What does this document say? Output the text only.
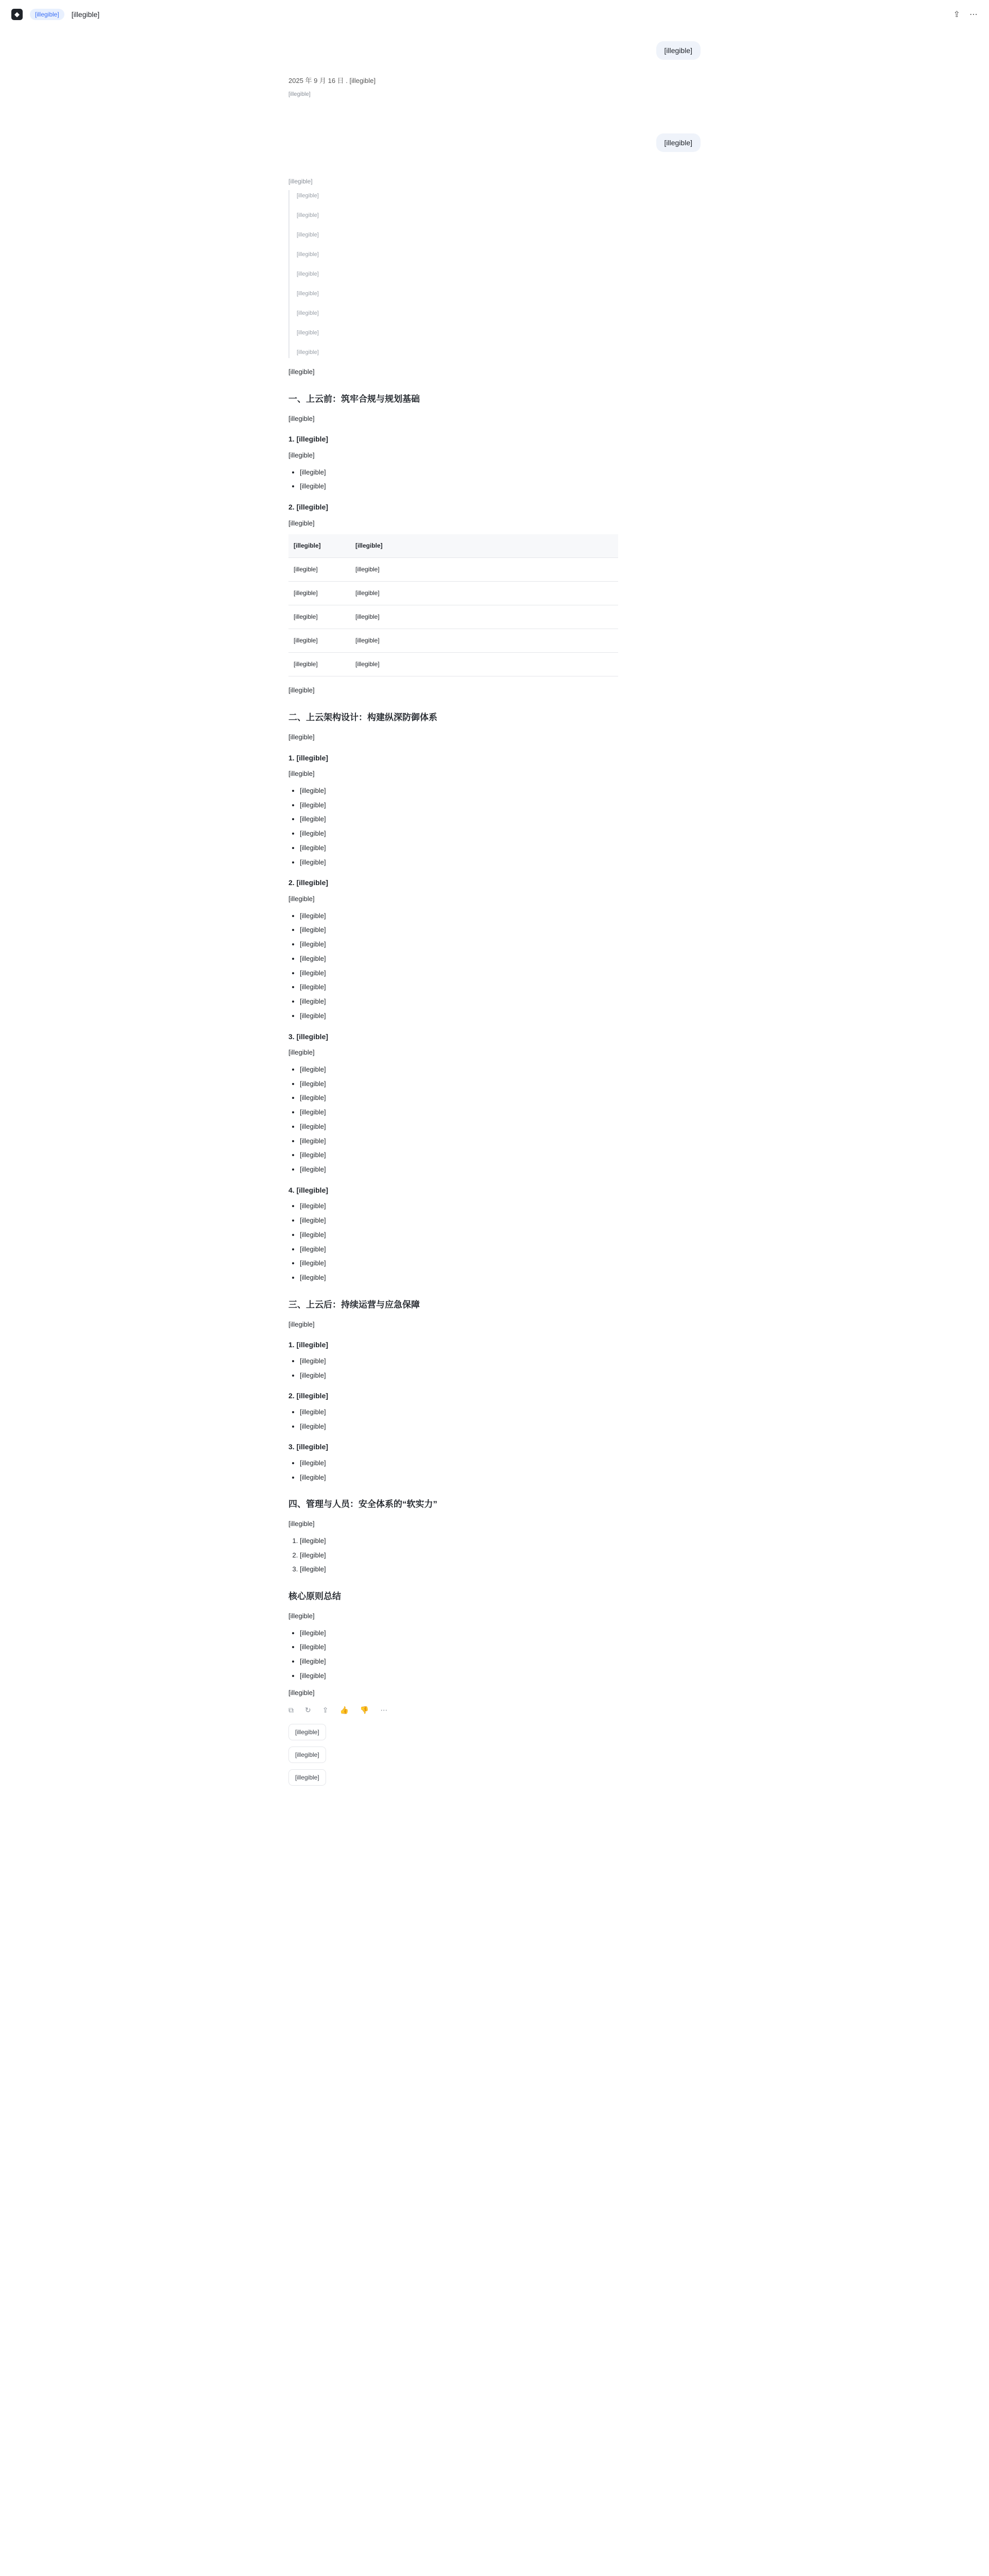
◆	[illegible]	[illegible]	⇪ ⋯
[illegible]
2025 年 9 月 16 日 . [illegible]
[illegible]
[illegible]
[illegible]
[illegible]
[illegible]
[illegible]
[illegible]
[illegible]
[illegible]
[illegible]
[illegible]
[illegible]
[illegible]
一、上云前：筑牢合规与规划基础
[illegible]
1. [illegible]
[illegible]
• [illegible]
• [illegible]
2. [illegible]
[illegible]
[illegible]	[illegible]
[illegible]	[illegible]
[illegible]	[illegible]
[illegible]	[illegible]
[illegible]	[illegible]
[illegible]	[illegible]
[illegible]
二、上云架构设计：构建纵深防御体系
[illegible]
1. [illegible]
[illegible]
• [illegible]
• [illegible]
• [illegible]
• [illegible]
• [illegible]
• [illegible]
2. [illegible]
[illegible]
• [illegible]
• [illegible]
• [illegible]
• [illegible]
• [illegible]
• [illegible]
• [illegible]
• [illegible]
3. [illegible]
[illegible]
• [illegible]
• [illegible]
• [illegible]
• [illegible]
• [illegible]
• [illegible]
• [illegible]
• [illegible]
4. [illegible]
• [illegible]
• [illegible]
• [illegible]
• [illegible]
• [illegible]
• [illegible]
三、上云后：持续运营与应急保障
[illegible]
1. [illegible]
• [illegible]
• [illegible]
2. [illegible]
• [illegible]
• [illegible]
3. [illegible]
• [illegible]
• [illegible]
四、管理与人员：安全体系的“软实力”
[illegible]
1. [illegible]
2. [illegible]
3. [illegible]
核心原则总结
[illegible]
• [illegible]
• [illegible]
• [illegible]
• [illegible]
[illegible]
⧉ ↻ ⇪ 👍 👎 ⋯
[illegible]
[illegible]
[illegible]
